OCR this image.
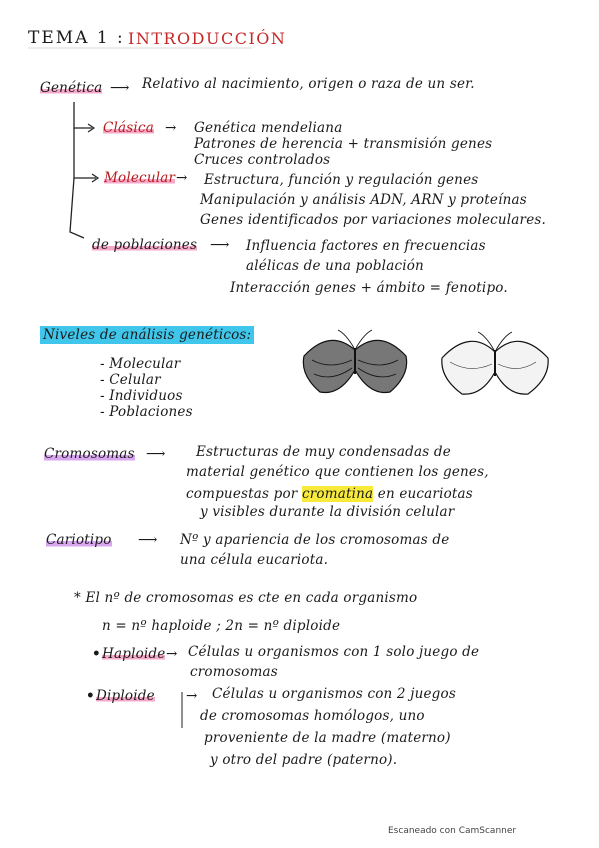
TEMA 1 : INTRODUCCIÓN
Genética ⟶ Relativo al nacimiento, origen o raza de un ser.
Clásica → Genética mendeliana
Patrones de herencia + transmisión genes
Cruces controlados
Molecular → Estructura, función y regulación genes
Manipulación y análisis ADN, ARN y proteínas
Genes identificados por variaciones moleculares.
de poblaciones ⟶ Influencia factores en frecuencias
alélicas de una población
Interacción genes + ámbito = fenotipo.
Niveles de análisis genéticos:
- Molecular
- Celular
- Individuos
- Poblaciones
Cromosomas ⟶ Estructuras de muy condensadas de
material genético que contienen los genes,
compuestas por cromatina en eucariotas
y visibles durante la división celular
Cariotipo ⟶ Nº y apariencia de los cromosomas de
una célula eucariota.
* El nº de cromosomas es cte en cada organismo
n = nº haploide ; 2n = nº diploide
• Haploide → Células u organismos con 1 solo juego de
cromosomas
• Diploide → Células u organismos con 2 juegos
de cromosomas homólogos, uno
proveniente de la madre (materno)
y otro del padre (paterno).
Escaneado con CamScanner
